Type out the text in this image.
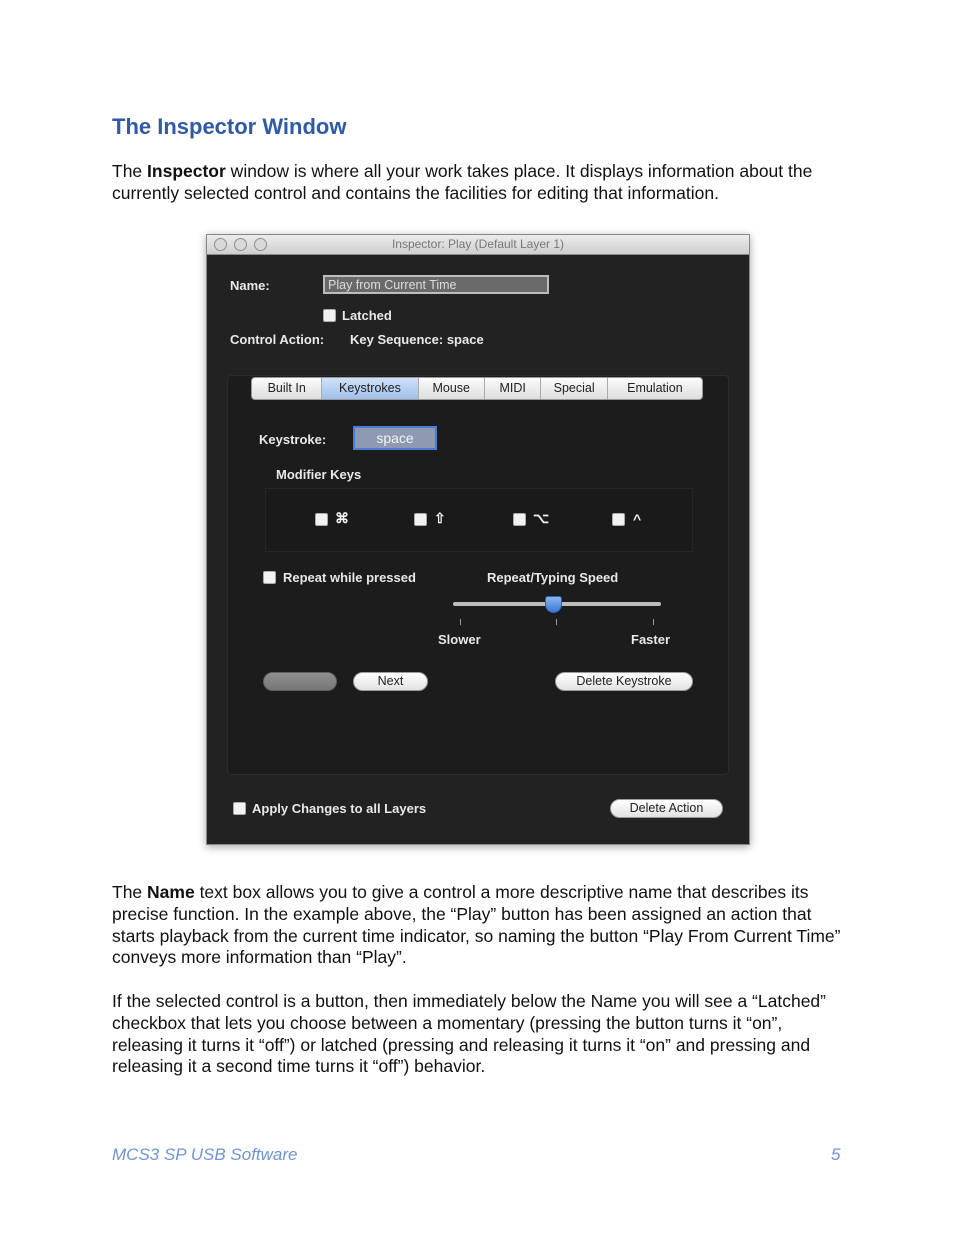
The Inspector Window
The Inspector window is where all your work takes place. It displays information about the currently selected control and contains the facilities for editing that information.
Inspector: Play (Default Layer 1)
Name:	Play from Current Time
Latched
Control Action: Key Sequence: space
Built In	Keystrokes	Mouse	MIDI	Special	Emulation
Keystroke:	space
Modifier Keys
⌘	⇧	⌥	^
Repeat while pressed	Repeat/Typing Speed
Slower	Faster
Next	Delete Keystroke
Apply Changes to all Layers	Delete Action
The Name text box allows you to give a control a more descriptive name that describes its precise function. In the example above, the “Play” button has been assigned an action that starts playback from the current time indicator, so naming the button “Play From Current Time” conveys more information than “Play”.
If the selected control is a button, then immediately below the Name you will see a “Latched” checkbox that lets you choose between a momentary (pressing the button turns it “on”, releasing it turns it “off”) or latched (pressing and releasing it turns it “on” and pressing and releasing it a second time turns it “off”) behavior.
MCS3 SP USB Software	5
